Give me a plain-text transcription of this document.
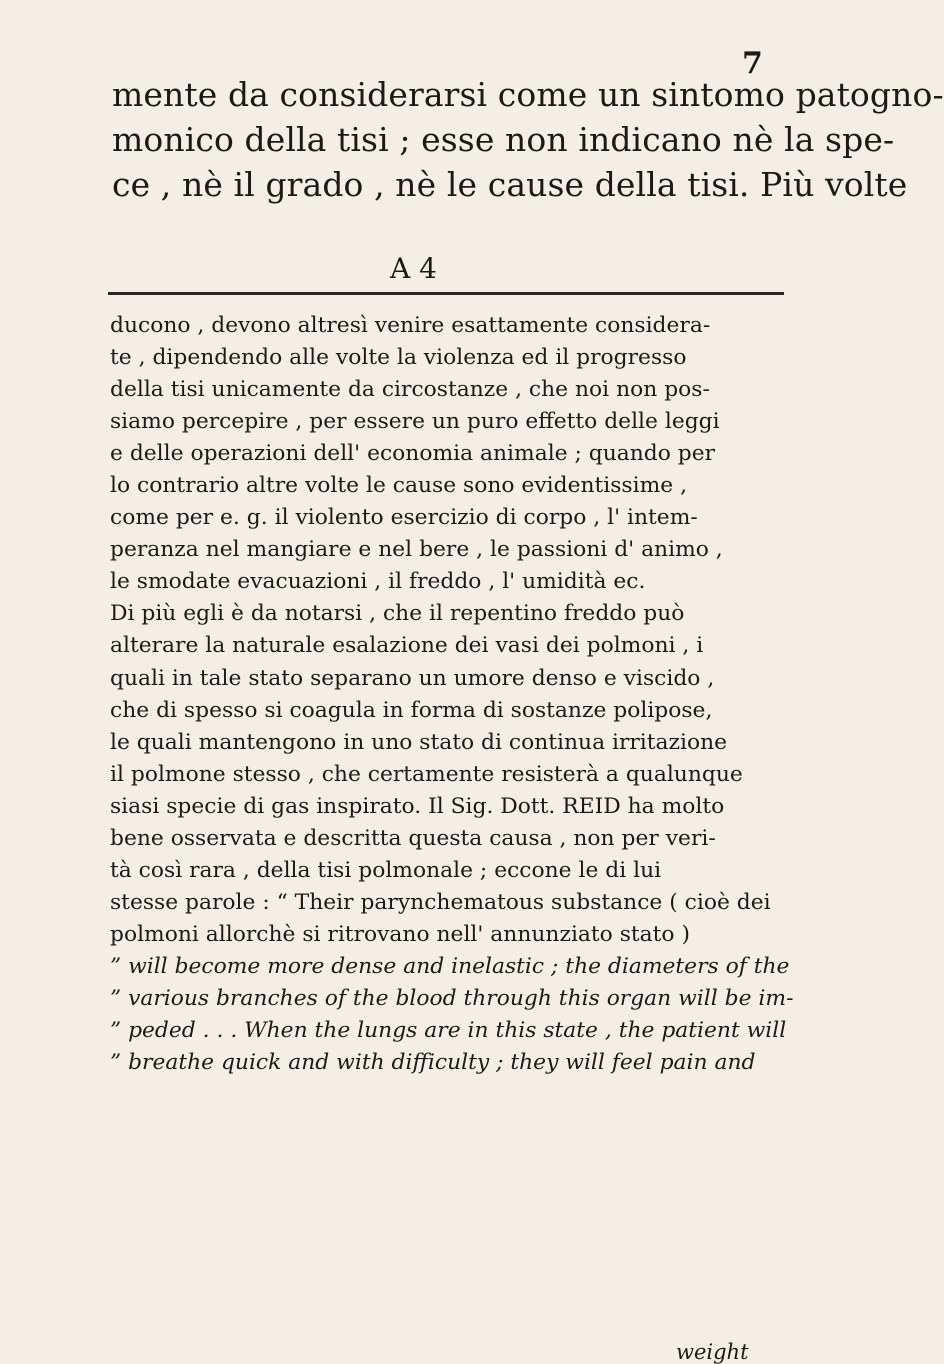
7
mente da considerarsi come un sintomo patogno-
monico della tisi ; esse non indicano nè la spe-
ce , nè il grado , nè le cause della tisi. Più volte
A 4
ducono , devono altresì venire esattamente considera-
te , dipendendo alle volte la violenza ed il progresso
della tisi unicamente da circostanze , che noi non pos-
siamo percepire , per essere un puro effetto delle leggi
e delle operazioni dell' economia animale ; quando per
lo contrario altre volte le cause sono evidentissime ,
come per e. g. il violento esercizio di corpo , l' intem-
peranza nel mangiare e nel bere , le passioni d' animo ,
le smodate evacuazioni , il freddo , l' umidità ec.
Di più egli è da notarsi , che il repentino freddo può
alterare la naturale esalazione dei vasi dei polmoni , i
quali in tale stato separano un umore denso e viscido ,
che di spesso si coagula in forma di sostanze polipose,
le quali mantengono in uno stato di continua irritazione
il polmone stesso , che certamente resisterà a qualunque
siasi specie di gas inspirato. Il Sig. Dott. REID ha molto
bene osservata e descritta questa causa , non per veri-
tà così rara , della tisi polmonale ; eccone le di lui
stesse parole : “ Their parynchematous substance ( cioè dei
polmoni allorchè si ritrovano nell' annunziato stato )
” will become more dense and inelastic ; the diameters of the
” various branches of the blood through this organ will be im-
” peded . . . When the lungs are in this state , the patient will
” breathe quick and with difficulty ; they will feel pain and
weight
